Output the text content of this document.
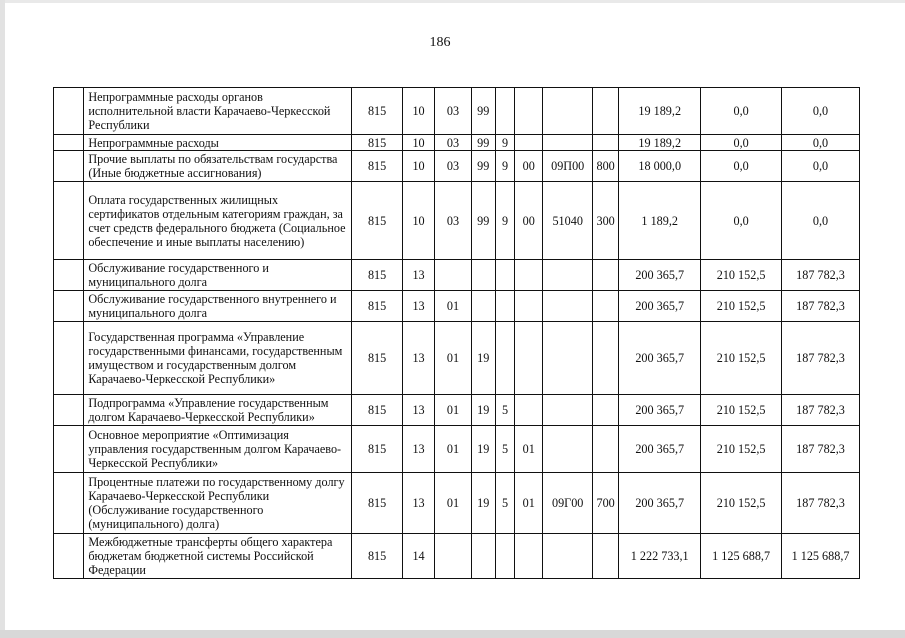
186
	Непрограммные расходы органов исполнительной власти Карачаево-Черкесской Республики	815	10	03	99					19 189,2	0,0	0,0
	Непрограммные расходы	815	10	03	99	9				19 189,2	0,0	0,0
	Прочие выплаты по обязательствам государства (Иные бюджетные ассигнования)	815	10	03	99	9	00	09П00	800	18 000,0	0,0	0,0
	Оплата государственных жилищных сертификатов отдельным категориям граждан, за счет средств федерального бюджета (Социальное обеспечение и иные выплаты населению)	815	10	03	99	9	00	51040	300	1 189,2	0,0	0,0
	Обслуживание государственного и муниципального долга	815	13							200 365,7	210 152,5	187 782,3
	Обслуживание государственного внутреннего и муниципального долга	815	13	01						200 365,7	210 152,5	187 782,3
	Государственная программа «Управление государственными финансами, государственным имуществом и государственным долгом Карачаево-Черкесской Республики»	815	13	01	19					200 365,7	210 152,5	187 782,3
	Подпрограмма «Управление государственным долгом Карачаево-Черкесской Республики»	815	13	01	19	5				200 365,7	210 152,5	187 782,3
	Основное мероприятие «Оптимизация управления государственным долгом Карачаево-Черкесской Республики»	815	13	01	19	5	01			200 365,7	210 152,5	187 782,3
	Процентные платежи по государственному долгу Карачаево-Черкесской Республики (Обслуживание государственного (муниципального) долга)	815	13	01	19	5	01	09Г00	700	200 365,7	210 152,5	187 782,3
	Межбюджетные трансферты общего характера бюджетам бюджетной системы Российской Федерации	815	14							1 222 733,1	1 125 688,7	1 125 688,7
